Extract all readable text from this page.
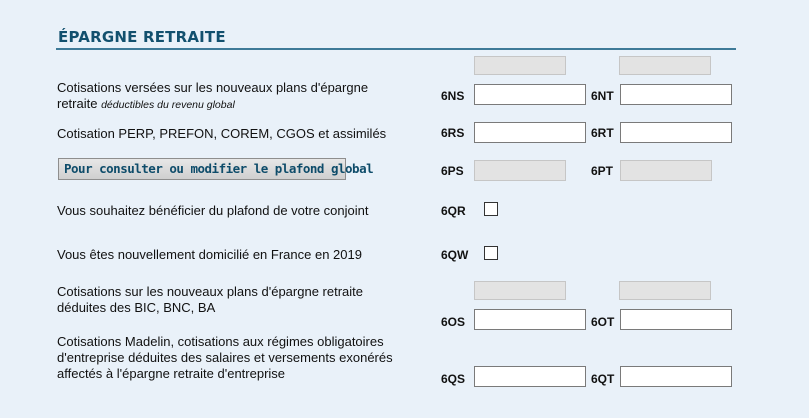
ÉPARGNE RETRAITE
Cotisations versées sur les nouveaux plans d'épargne
retraite déductibles du revenu global
6NS	6NT
Cotisation PERP, PREFON, COREM, CGOS et assimilés	6RS	6RT
Pour consulter ou modifier le plafond global	6PS	6PT
Vous souhaitez bénéficier du plafond de votre conjoint	6QR
Vous êtes nouvellement domicilié en France en 2019	6QW
Cotisations sur les nouveaux plans d'épargne retraite
déduites des BIC, BNC, BA
6OS	6OT
Cotisations Madelin, cotisations aux régimes obligatoires
d'entreprise déduites des salaires et versements exonérés
affectés à l'épargne retraite d'entreprise	6QS	6QT
